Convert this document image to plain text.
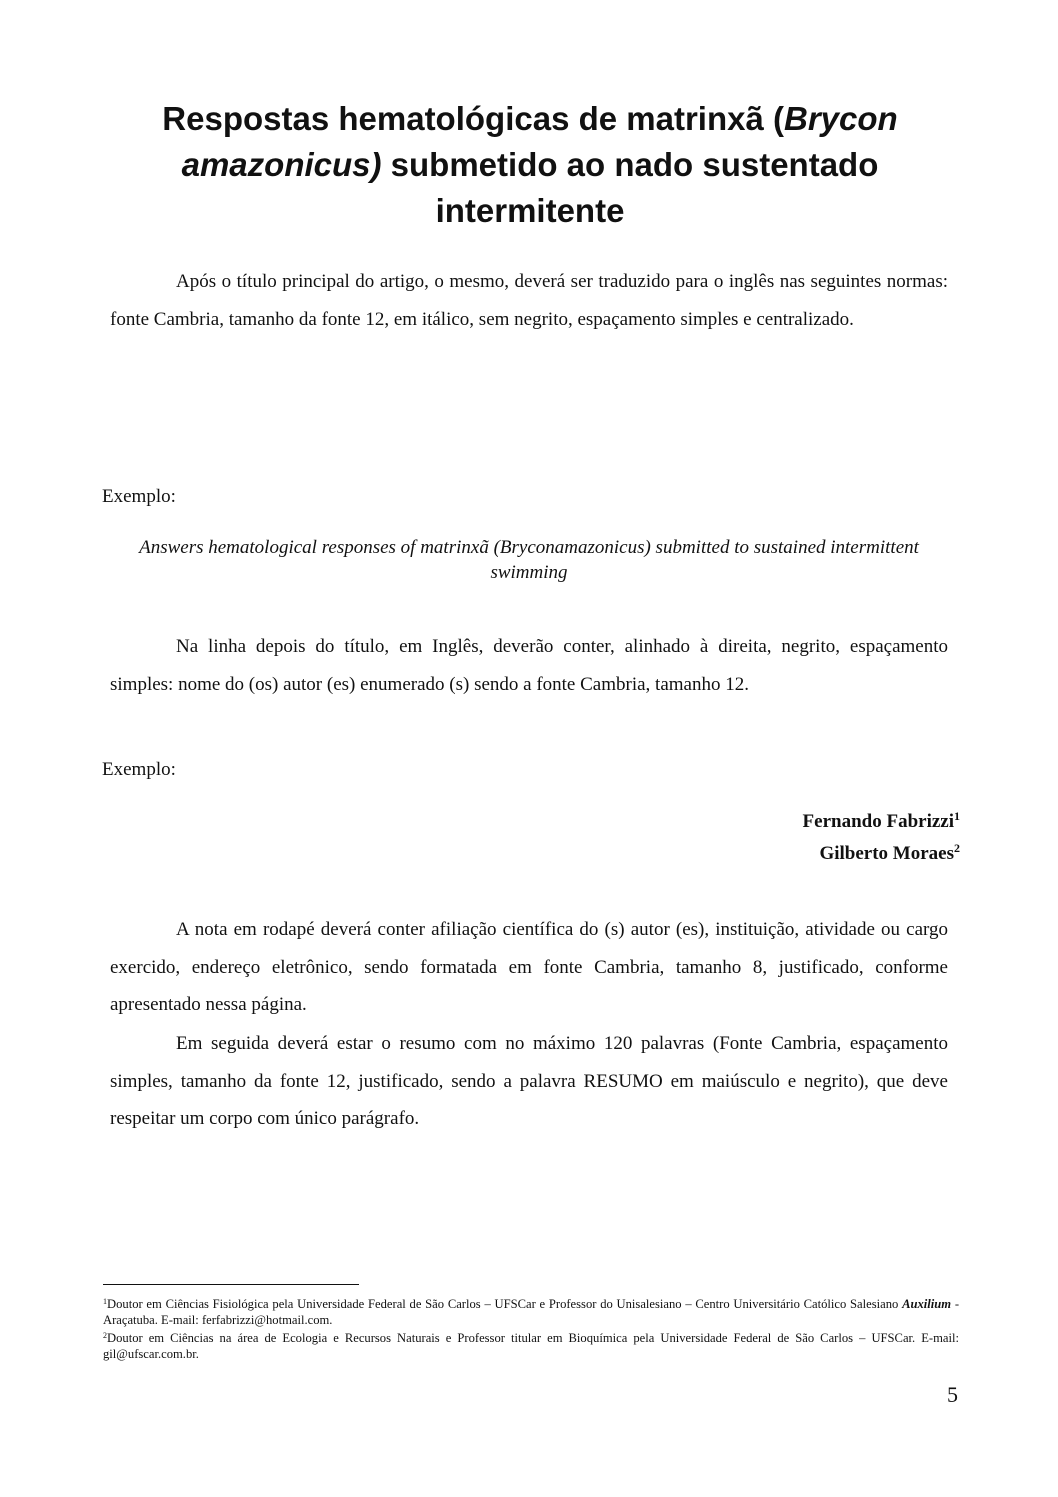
Respostas hematológicas de matrinxã (Brycon
amazonicus) submetido ao nado sustentado intermitente

Após o título principal do artigo, o mesmo, deverá ser traduzido para o inglês nas seguintes normas: fonte Cambria, tamanho da fonte 12, em itálico, sem negrito, espaçamento simples e centralizado.

Exemplo:

Answers hematological responses of matrinxã (Bryconamazonicus) submitted to sustained intermittent swimming

Na linha depois do título, em Inglês, deverão conter, alinhado à direita, negrito, espaçamento simples: nome do (os) autor (es) enumerado (s) sendo a fonte Cambria, tamanho 12.

Exemplo:

Fernando Fabrizzi$^1$
Gilberto Moraes$^2$

A nota em rodapé deverá conter afiliação científica do (s) autor (es), instituição, atividade ou cargo exercido, endereço eletrônico, sendo formatada em fonte Cambria, tamanho 8, justificado, conforme apresentado nessa página.

Em seguida deverá estar o resumo com no máximo 120 palavras (Fonte Cambria, espaçamento simples, tamanho da fonte 12, justificado, sendo a palavra RESUMO em maiúsculo e negrito), que deve respeitar um corpo com único parágrafo.

$^1$Doutor em Ciências Fisiológica pela Universidade Federal de São Carlos – UFSCar e Professor do Unisalesiano – Centro Universitário Católico Salesiano Auxilium - Araçatuba. E-mail: ferfabrizzi@hotmail.com.

$^2$Doutor em Ciências na área de Ecologia e Recursos Naturais e Professor titular em Bioquímica pela Universidade Federal de São Carlos – UFSCar. E-mail: gil@ufscar.com.br.

5
